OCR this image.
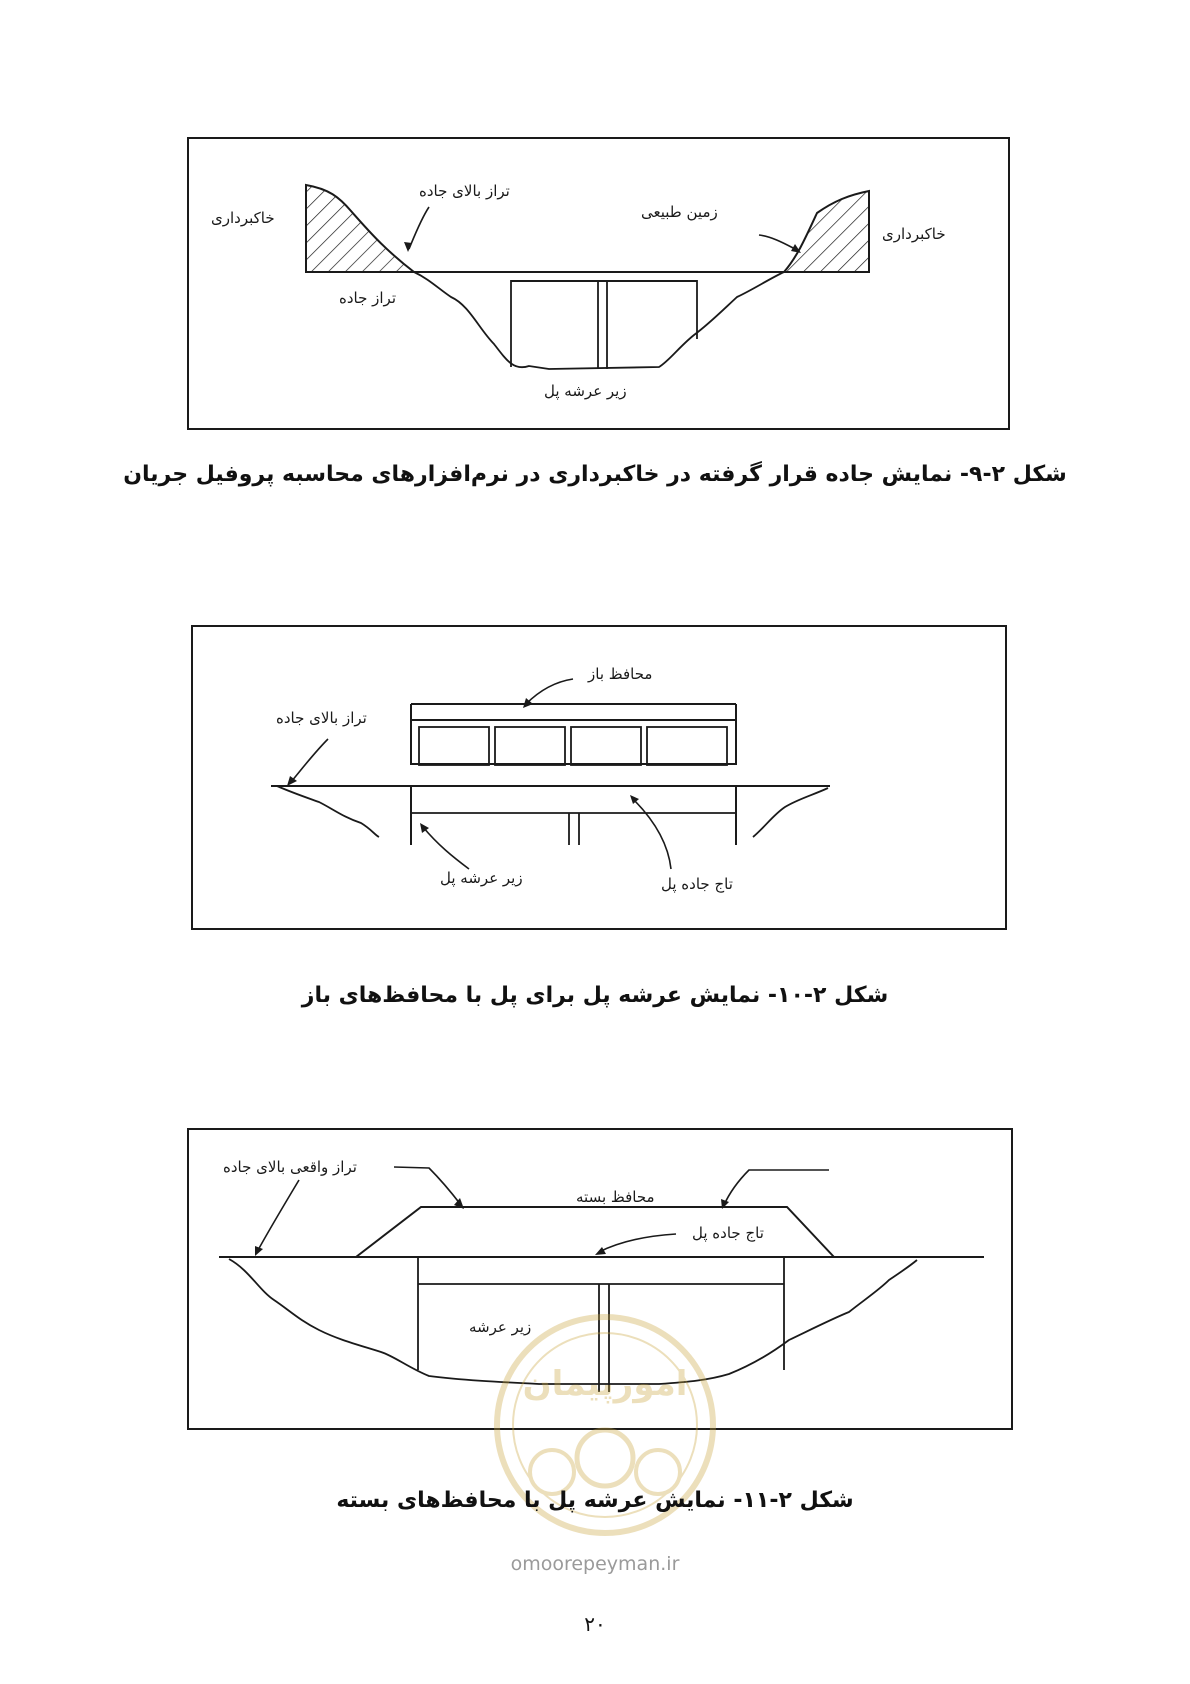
خاکبرداری
تراز بالای جاده
زمین طبیعی
خاکبرداری
تراز جاده
زیر عرشه پل
شکل ۲-۹- نمایش جاده قرار گرفته در خاکبرداری در نرم‌افزارهای محاسبه پروفیل جریان
محافظ باز
تراز بالای جاده
زیر عرشه پل	تاج جاده پل
شکل ۲-۱۰- نمایش عرشه پل برای پل با محافظ‌های باز
تراز واقعی بالای جاده
محافظ بسته
تاج جاده پل
زیر عرشه
امورپیمان
شکل ۲-۱۱- نمایش عرشه پل با محافظ‌های بسته
omoorepeyman.ir
۲۰
